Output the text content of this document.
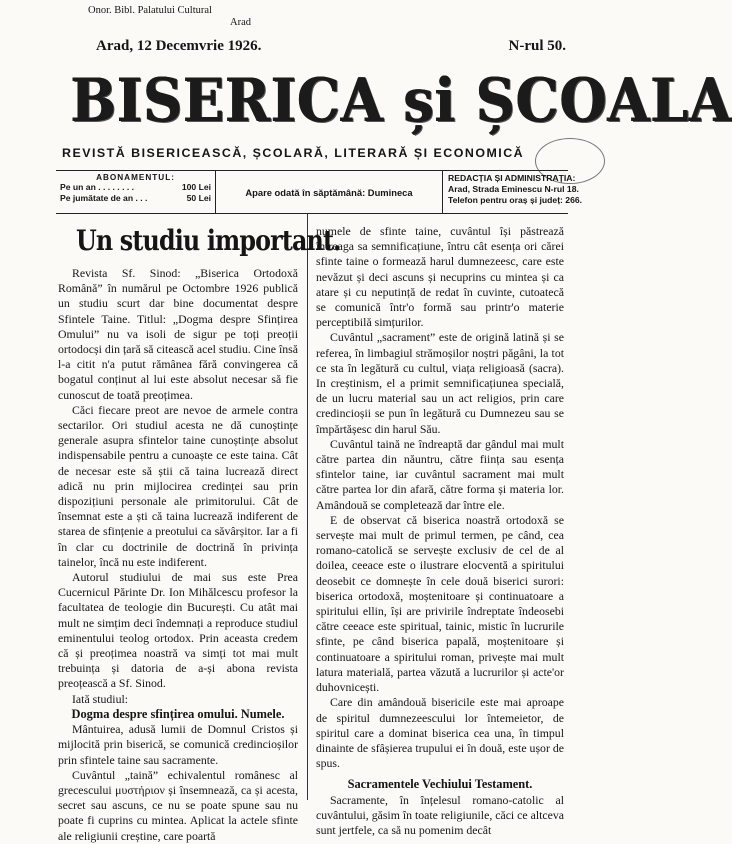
Onor. Bibl. Palatului Cultural
Arad
Arad, 12 Decemvrie 1926.	N-rul 50.
BISERICA și ȘCOALA
REVISTĂ BISERICEASCĂ, ȘCOLARĂ, LITERARĂ ȘI ECONOMICĂ
ABONAMENTUL:
Pe un an . . . . . . . .	100 Lei
Pe jumătate de an . . .	50 Lei
Apare odată în săptămână: Dumineca
REDACȚIA ȘI ADMINISTRAȚIA:
Arad, Strada Eminescu N-rul 18.
Telefon pentru oraș și județ: 266.
Un studiu important.

Revista Sf. Sinod: „Biserica Ortodoxă Română” în numărul pe Octombre 1926 publică un studiu scurt dar bine documentat despre Sfintele Taine. Titlul: „Dogma despre Sfințirea Omului” nu va isoli de sigur pe toți preoții ortodocși din țară să citească acel studiu. Cine însă l-a citit n'a putut rămânea fără convingerea că bogatul conținut al lui este absolut necesar să fie cunoscut de toată preoțimea.

Căci fiecare preot are nevoe de armele contra sectarilor. Ori studiul acesta ne dă cunoștințe generale asupra sfintelor taine cunoștințe absolut indispensabile pentru a cunoaște ce este taina. Cât de necesar este să știi că taina lucrează direct adică nu prin mijlocirea credinței sau prin dispozițiuni personale ale primitorului. Cât de însemnat este a ști că taina lucrează indiferent de starea de sfințenie a preotului ca săvârșitor. Iar a fi în clar cu doctrinile de doctrină în privința tainelor, încă nu este indiferent.

Autorul studiului de mai sus este Prea Cucernicul Părinte Dr. Ion Mihălcescu profesor la facultatea de teologie din București. Cu atât mai mult ne simțim deci îndemnați a reproduce studiul eminentului teolog ortodox. Prin aceasta credem că și preoțimea noastră va simți tot mai mult trebuința și datoria de a-și abona revista preoțească a Sf. Sinod.

Iată studiul:

Dogma despre sfințirea omului. Numele.

Mântuirea, adusă lumii de Domnul Cristos și mijlocită prin biserică, se comunică credincioșilor prin sfintele taine sau sacramente.

Cuvântul „taină” echivalentul românesc al grecescului μυστήριον și însemnează, ca și acesta, secret sau ascuns, ce nu se poate spune sau nu poate fi cuprins cu mintea. Aplicat la actele sfinte ale religiunii creștine, care poartă

numele de sfinte taine, cuvântul își păstrează întreaga sa semnificațiune, întru cât esența ori cărei sfinte taine o formează harul dumnezeesc, care este nevăzut și deci ascuns și necuprins cu mintea și ca atare și cu neputință de redat în cuvinte, cutoatecă se comunică într'o formă sau printr'o materie perceptibilă simțurilor.

Cuvântul „sacrament” este de origină latină și se referea, în limbagiul strămoșilor noștri păgâni, la tot ce sta în legătură cu cultul, viața religioasă (sacra). In creștinism, el a primit semnificațiunea specială, de un lucru material sau un act religios, prin care credincioșii se pun în legătură cu Dumnezeu sau se împărtășesc din harul Său.

Cuvântul taină ne îndreaptă dar gândul mai mult către partea din năuntru, către ființa sau esența sfintelor taine, iar cuvântul sacrament mai mult către partea lor din afară, către forma și materia lor. Amândouă se completează dar între ele.

E de observat că biserica noastră ortodoxă se servește mai mult de primul termen, pe când, cea romano-catolică se servește exclusiv de cel de al doilea, ceeace este o ilustrare elocventă a spiritului deosebit ce domnește în cele două biserici surori: biserica ortodoxă, moștenitoare și continuatoare a spiritului ellin, își are privirile îndreptate îndeosebi către ceeace este spiritual, tainic, mistic în lucrurile sfinte, pe când biserica papală, moștenitoare și continuatoare a spiritului roman, privește mai mult latura materială, partea văzută a lucrurilor și acte'or duhovnicești.

Care din amândouă bisericile este mai aproape de spiritul dumnezeescului lor întemeietor, de spiritul care a dominat biserica cea una, în timpul dinainte de sfâșierea trupului ei în două, este ușor de spus.

Sacramentele Vechiului Testament.

Sacramente, în înțelesul romano-catolic al cuvântului, găsim în toate religiunile, căci ce altceva sunt jertfele, ca să nu pomenim decât
